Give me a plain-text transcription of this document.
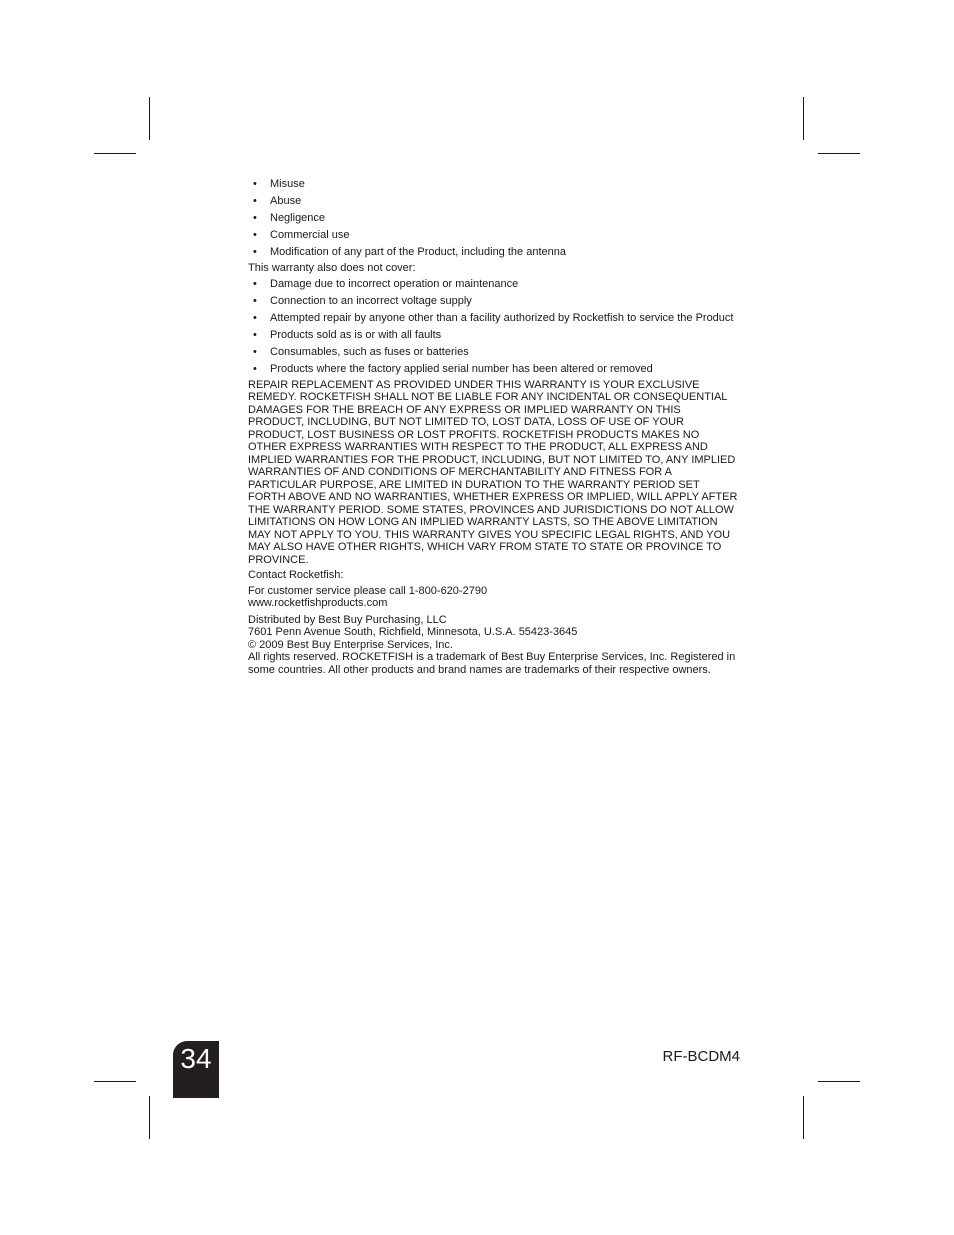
• Misuse
• Abuse
• Negligence
• Commercial use
• Modification of any part of the Product, including the antenna

This warranty also does not cover:

• Damage due to incorrect operation or maintenance
• Connection to an incorrect voltage supply
• Attempted repair by anyone other than a facility authorized by Rocketfish to service the Product
• Products sold as is or with all faults
• Consumables, such as fuses or batteries
• Products where the factory applied serial number has been altered or removed

REPAIR REPLACEMENT AS PROVIDED UNDER THIS WARRANTY IS YOUR EXCLUSIVE REMEDY. ROCKETFISH SHALL NOT BE LIABLE FOR ANY INCIDENTAL OR CONSEQUENTIAL DAMAGES FOR THE BREACH OF ANY EXPRESS OR IMPLIED WARRANTY ON THIS PRODUCT, INCLUDING, BUT NOT LIMITED TO, LOST DATA, LOSS OF USE OF YOUR PRODUCT, LOST BUSINESS OR LOST PROFITS. ROCKETFISH PRODUCTS MAKES NO OTHER EXPRESS WARRANTIES WITH RESPECT TO THE PRODUCT, ALL EXPRESS AND IMPLIED WARRANTIES FOR THE PRODUCT, INCLUDING, BUT NOT LIMITED TO, ANY IMPLIED WARRANTIES OF AND CONDITIONS OF MERCHANTABILITY AND FITNESS FOR A PARTICULAR PURPOSE, ARE LIMITED IN DURATION TO THE WARRANTY PERIOD SET FORTH ABOVE AND NO WARRANTIES, WHETHER EXPRESS OR IMPLIED, WILL APPLY AFTER THE WARRANTY PERIOD. SOME STATES, PROVINCES AND JURISDICTIONS DO NOT ALLOW LIMITATIONS ON HOW LONG AN IMPLIED WARRANTY LASTS, SO THE ABOVE LIMITATION MAY NOT APPLY TO YOU. THIS WARRANTY GIVES YOU SPECIFIC LEGAL RIGHTS, AND YOU MAY ALSO HAVE OTHER RIGHTS, WHICH VARY FROM STATE TO STATE OR PROVINCE TO PROVINCE.

Contact Rocketfish:

For customer service please call 1-800-620-2790
www.rocketfishproducts.com
Distributed by Best Buy Purchasing, LLC
7601 Penn Avenue South, Richfield, Minnesota, U.S.A. 55423-3645
© 2009 Best Buy Enterprise Services, Inc.

All rights reserved. ROCKETFISH is a trademark of Best Buy Enterprise Services, Inc. Registered in some countries. All other products and brand names are trademarks of their respective owners.

34	RF-BCDM4
